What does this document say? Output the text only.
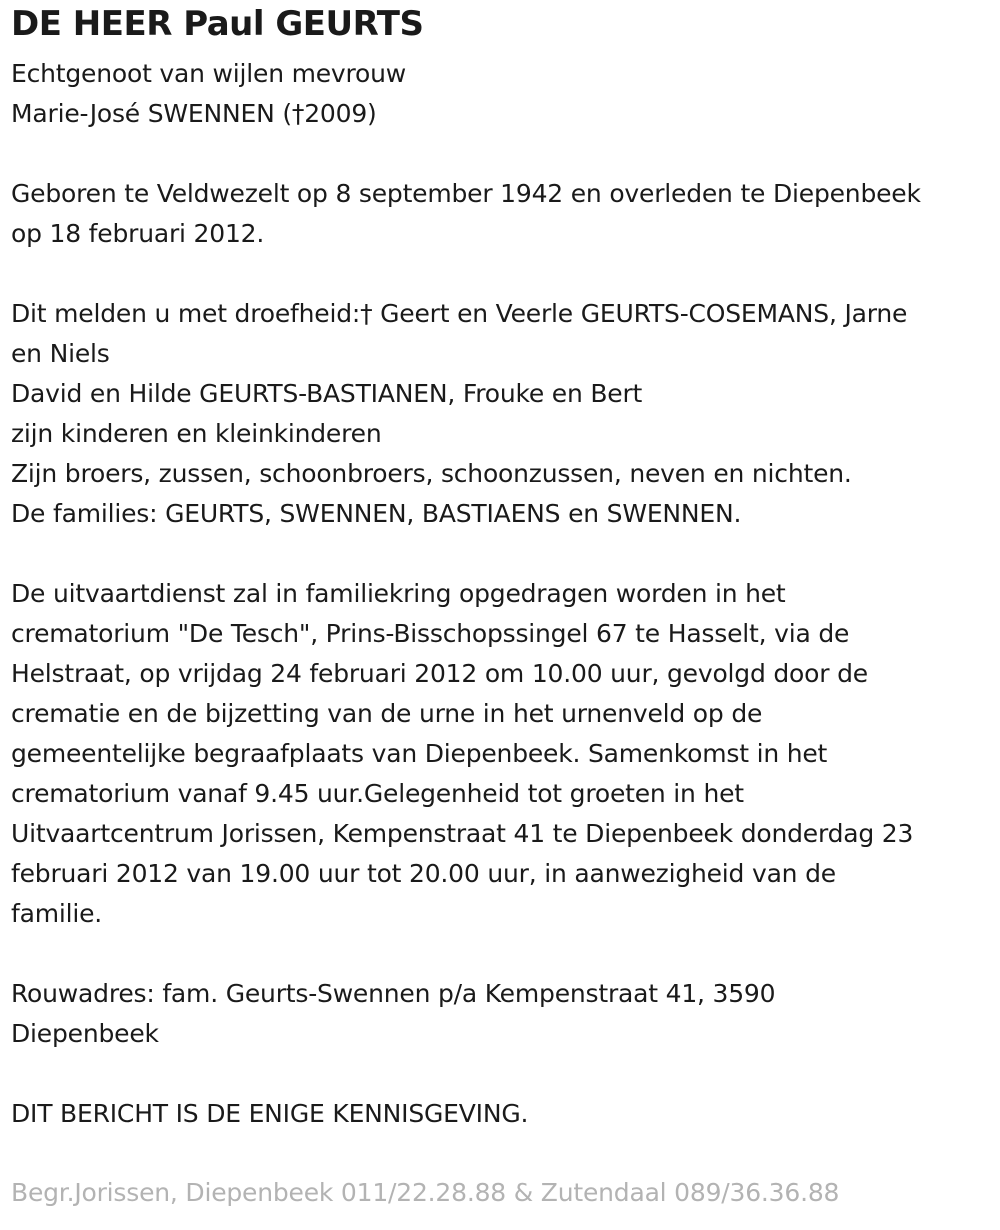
DE HEER Paul GEURTS
Echtgenoot van wijlen mevrouw
Marie-José SWENNEN (†2009)
Geboren te Veldwezelt op 8 september 1942 en overleden te Diepenbeek
op 18 februari 2012.
Dit melden u met droefheid:† Geert en Veerle GEURTS-COSEMANS, Jarne
en Niels
David en Hilde GEURTS-BASTIANEN, Frouke en Bert
zijn kinderen en kleinkinderen
Zijn broers, zussen, schoonbroers, schoonzussen, neven en nichten.
De families: GEURTS, SWENNEN, BASTIAENS en SWENNEN.
De uitvaartdienst zal in familiekring opgedragen worden in het
crematorium "De Tesch", Prins-Bisschopssingel 67 te Hasselt, via de
Helstraat, op vrijdag 24 februari 2012 om 10.00 uur, gevolgd door de
crematie en de bijzetting van de urne in het urnenveld op de
gemeentelijke begraafplaats van Diepenbeek. Samenkomst in het
crematorium vanaf 9.45 uur.Gelegenheid tot groeten in het
Uitvaartcentrum Jorissen, Kempenstraat 41 te Diepenbeek donderdag 23
februari 2012 van 19.00 uur tot 20.00 uur, in aanwezigheid van de
familie.
Rouwadres: fam. Geurts-Swennen p/a Kempenstraat 41, 3590
Diepenbeek
DIT BERICHT IS DE ENIGE KENNISGEVING.
Begr.Jorissen, Diepenbeek 011/22.28.88 & Zutendaal 089/36.36.88
